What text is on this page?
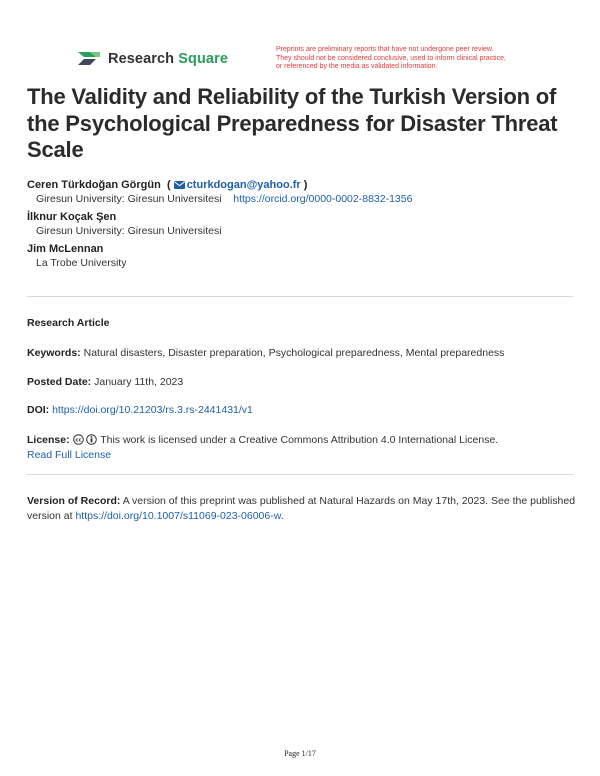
Research Square
Preprints are preliminary reports that have not undergone peer review.
They should not be considered conclusive, used to inform clinical practice,
or referenced by the media as validated information.
The Validity and Reliability of the Turkish Version of the Psychological Preparedness for Disaster Threat Scale
Ceren Türkdoğan Görgün  ( cturkdogan@yahoo.fr )
Giresun University: Giresun Universitesi https://orcid.org/0000-0002-8832-1356
İlknur Koçak Şen
Giresun University: Giresun Universitesi
Jim McLennan
La Trobe University
Research Article
Keywords: Natural disasters, Disaster preparation, Psychological preparedness, Mental preparedness
Posted Date: January 11th, 2023
DOI: https://doi.org/10.21203/rs.3.rs-2441431/v1
License: cc This work is licensed under a Creative Commons Attribution 4.0 International License.
Read Full License
Version of Record: A version of this preprint was published at Natural Hazards on May 17th, 2023. See the published version at https://doi.org/10.1007/s11069-023-06006-w.
Page 1/17
